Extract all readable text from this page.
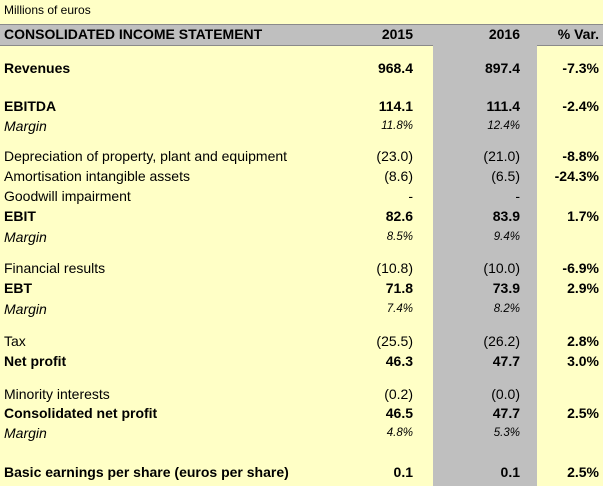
Millions of euros
CONSOLIDATED INCOME STATEMENT	2015	2016	% Var.
Revenues	968.4	897.4	-7.3%
EBITDA	114.1	111.4	-2.4%
Margin	11.8%	12.4%
Depreciation of property, plant and equipment	(23.0)	(21.0)	-8.8%
Amortisation intangible assets	(8.6)	(6.5) -24.3%
Goodwill impairment	-	-
EBIT	82.6	83.9	1.7%
Margin	8.5%	9.4%
Financial results	(10.8)	(10.0)	-6.9%
EBT	71.8	73.9	2.9%
Margin	7.4%	8.2%
Tax	(25.5)	(26.2)	2.8%
Net profit	46.3	47.7	3.0%
Minority interests	(0.2)	(0.0)
Consolidated net profit	46.5	47.7	2.5%
Margin	4.8%	5.3%
Basic earnings per share (euros per share)	0.1	0.1	2.5%
